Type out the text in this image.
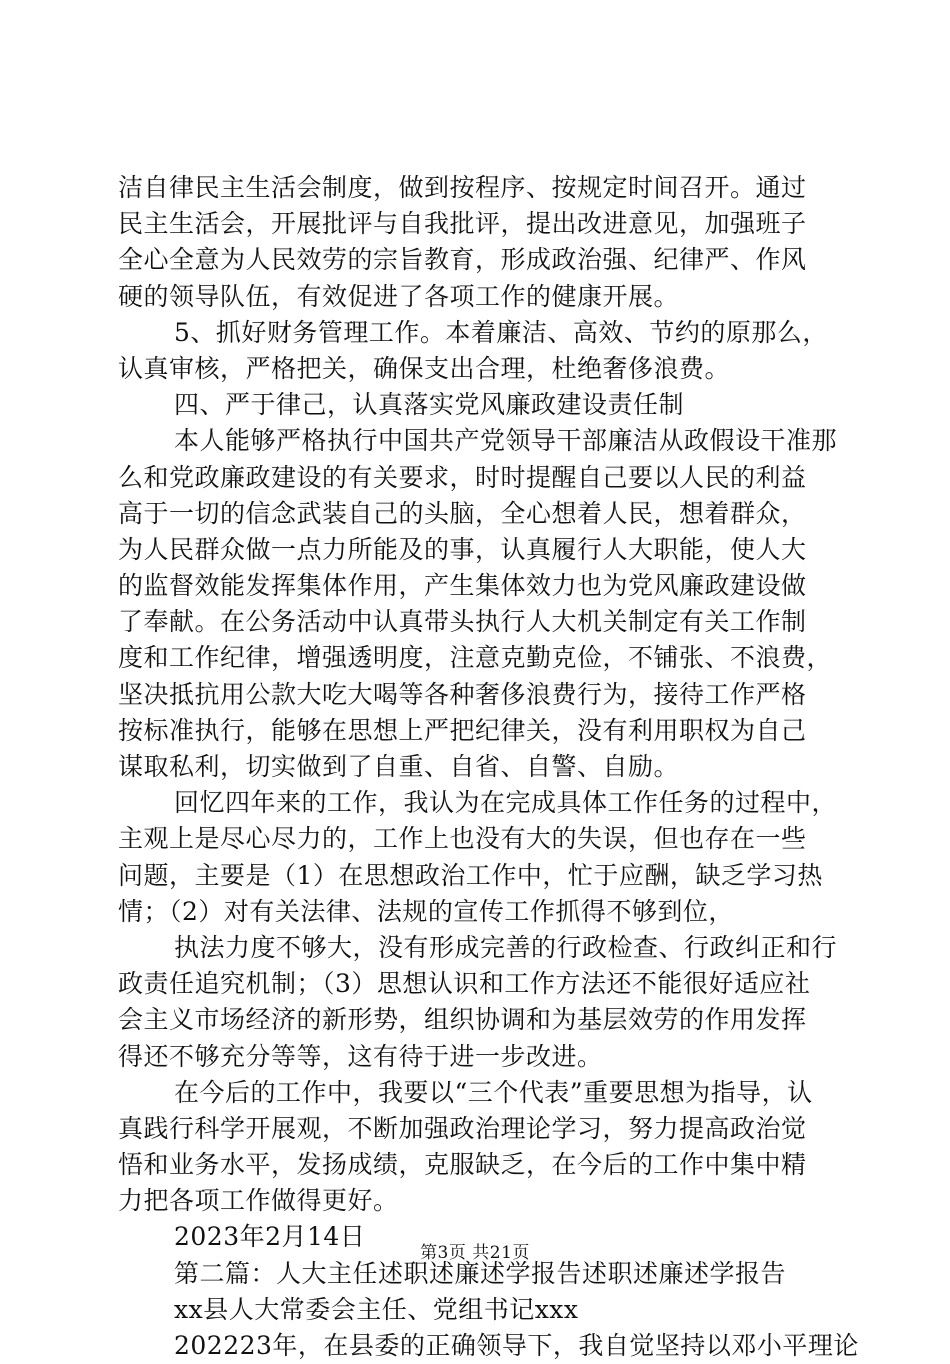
洁自律民主生活会制度，做到按程序、按规定时间召开。通过
民主生活会，开展批评与自我批评，提出改进意见，加强班子
全心全意为人民效劳的宗旨教育，形成政治强、纪律严、作风
硬的领导队伍，有效促进了各项工作的健康开展。
5、抓好财务管理工作。本着廉洁、高效、节约的原那么，
认真审核，严格把关，确保支出合理，杜绝奢侈浪费。
四、严于律己，认真落实党风廉政建设责任制
本人能够严格执行中国共产党领导干部廉洁从政假设干准那
么和党政廉政建设的有关要求，时时提醒自己要以人民的利益
高于一切的信念武装自己的头脑，全心想着人民，想着群众，
为人民群众做一点力所能及的事，认真履行人大职能，使人大
的监督效能发挥集体作用，产生集体效力也为党风廉政建设做
了奉献。在公务活动中认真带头执行人大机关制定有关工作制
度和工作纪律，增强透明度，注意克勤克俭，不铺张、不浪费，
坚决抵抗用公款大吃大喝等各种奢侈浪费行为，接待工作严格
按标准执行，能够在思想上严把纪律关，没有利用职权为自己
谋取私利，切实做到了自重、自省、自警、自励。
回忆四年来的工作，我认为在完成具体工作任务的过程中，
主观上是尽心尽力的，工作上也没有大的失误，但也存在一些
问题，主要是（1）在思想政治工作中，忙于应酬，缺乏学习热
情；（2）对有关法律、法规的宣传工作抓得不够到位，
执法力度不够大，没有形成完善的行政检查、行政纠正和行
政责任追究机制；（3）思想认识和工作方法还不能很好适应社
会主义市场经济的新形势，组织协调和为基层效劳的作用发挥
得还不够充分等等，这有待于进一步改进。
在今后的工作中，我要以“三个代表”重要思想为指导，认
真践行科学开展观，不断加强政治理论学习，努力提高政治觉
悟和业务水平，发扬成绩，克服缺乏，在今后的工作中集中精
力把各项工作做得更好。
2023年2月14日
第二篇：人大主任述职述廉述学报告述职述廉述学报告
xx县人大常委会主任、党组书记xxx
202223年，在县委的正确领导下，我自觉坚持以邓小平理论
第3页 共21页
